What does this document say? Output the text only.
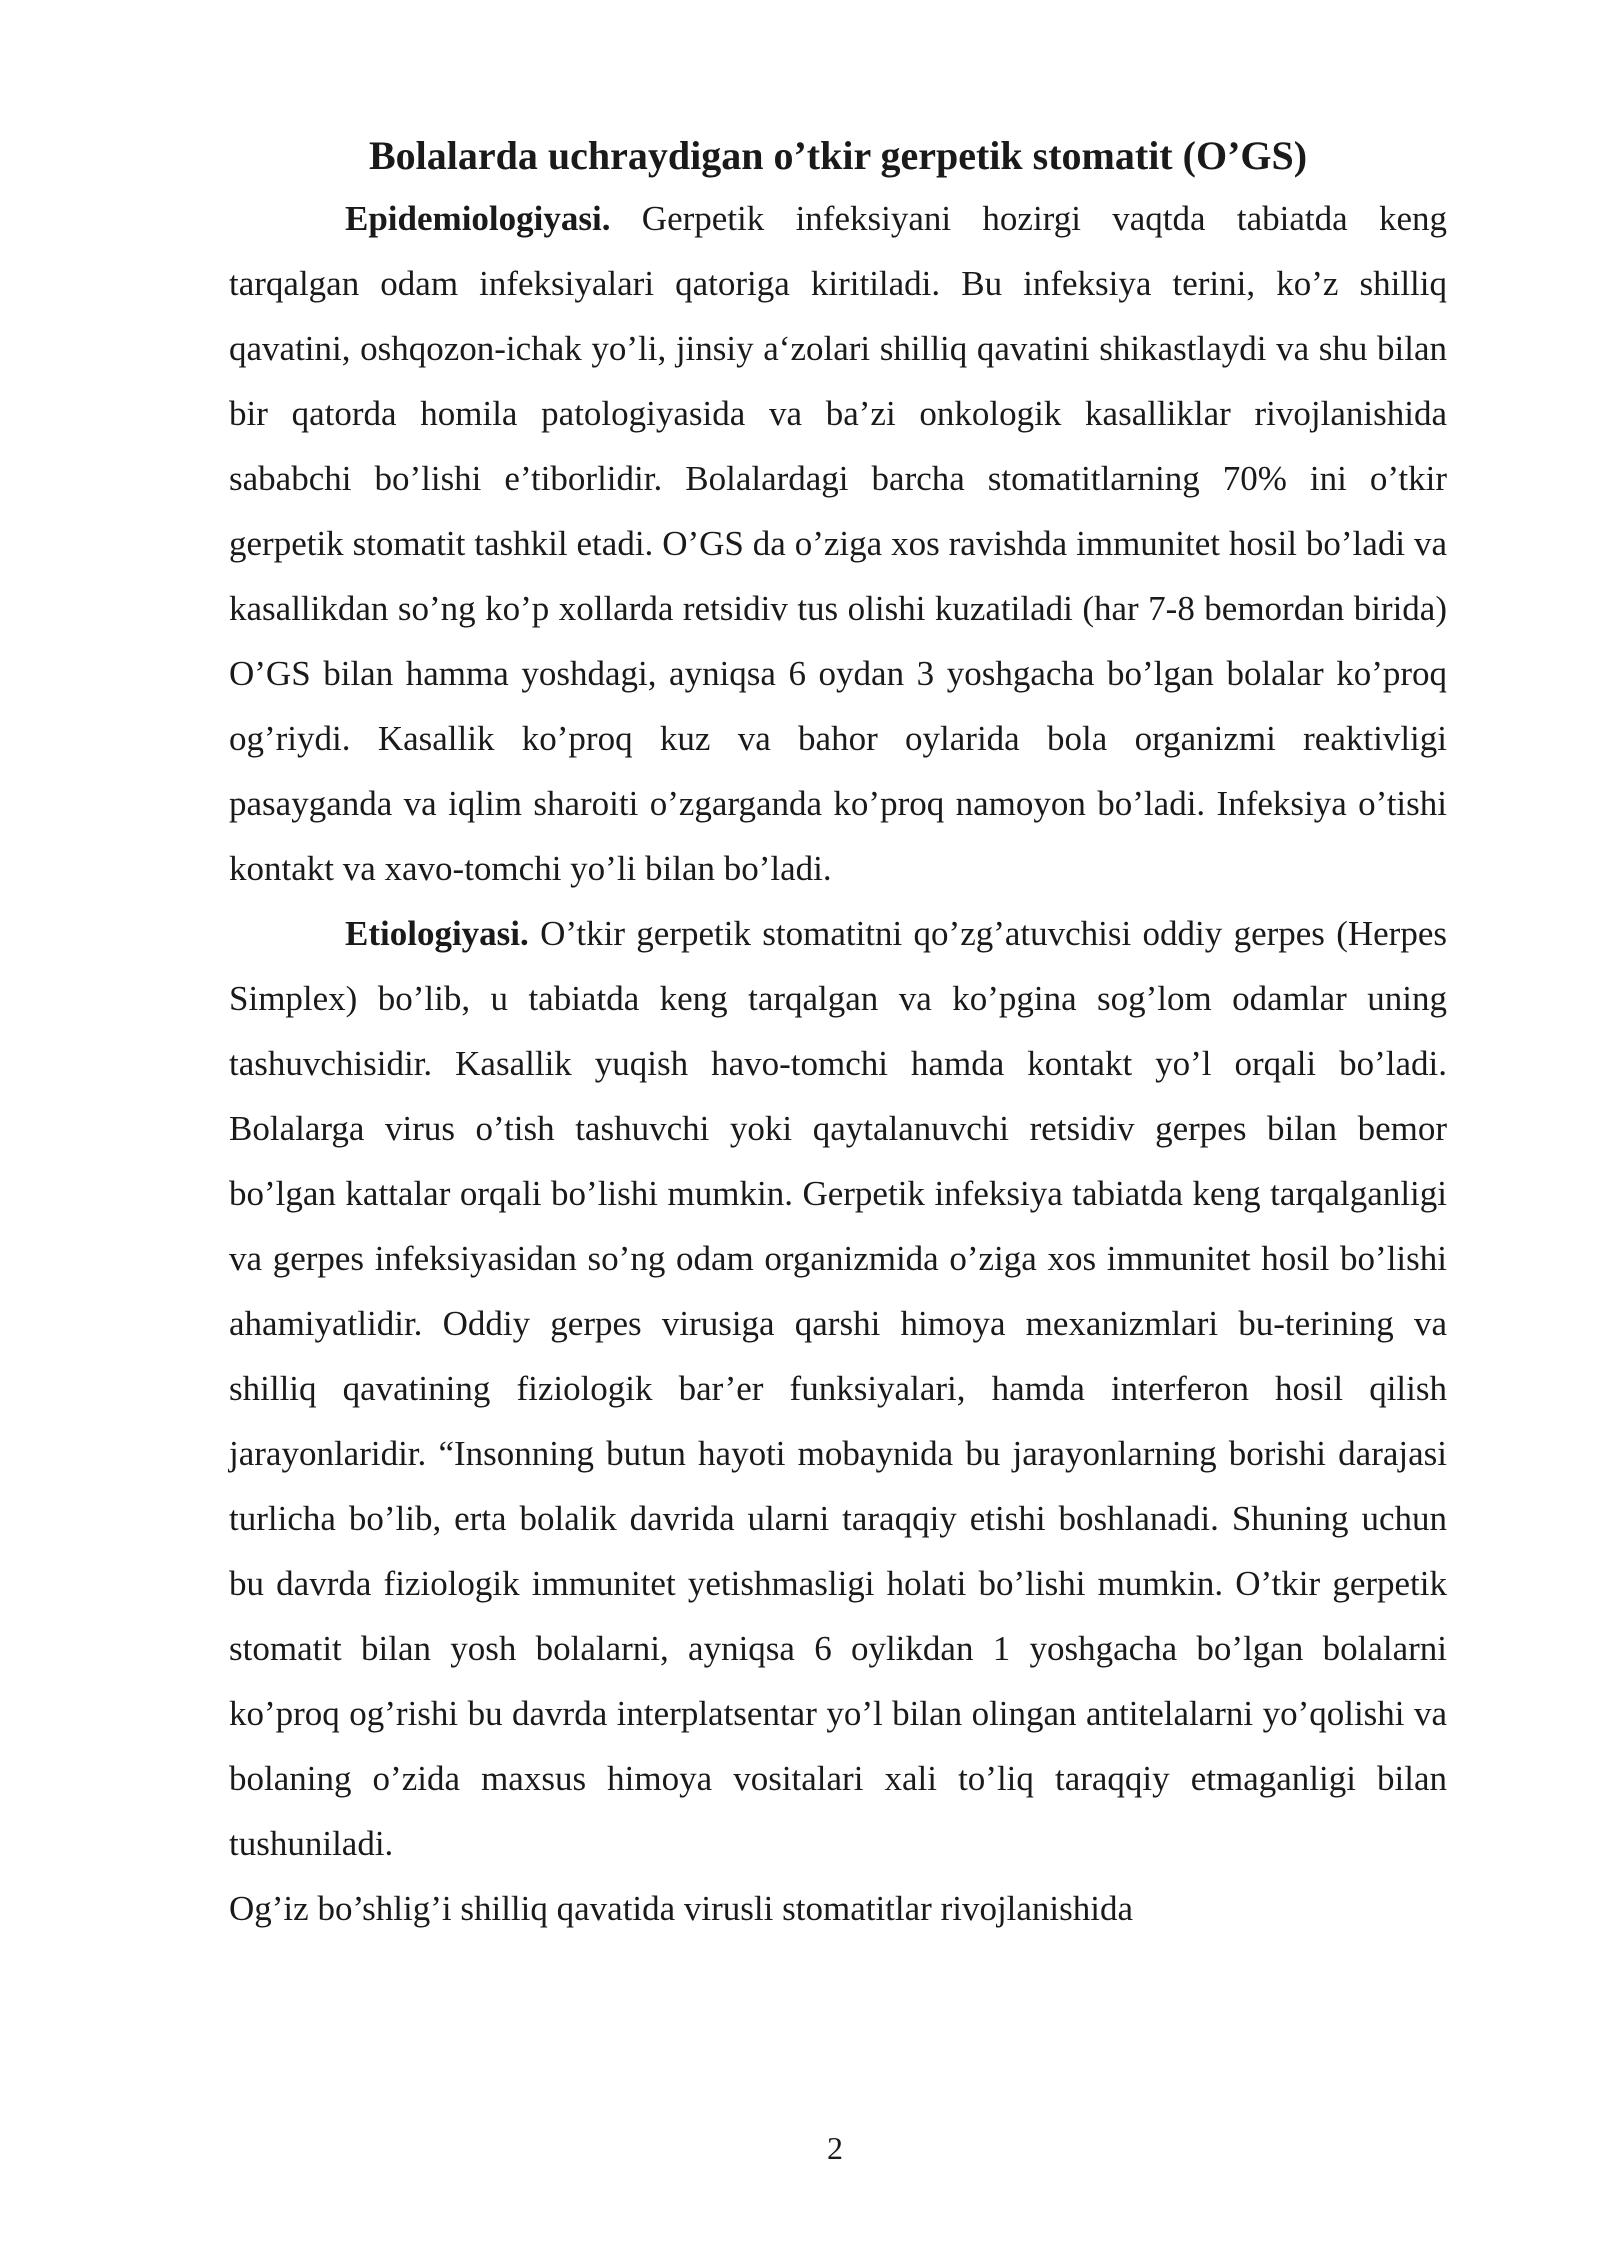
Bolalarda uchraydigan o’tkir gerpetik stomatit (O’GS)

Epidemiologiyasi. Gerpetik infeksiyani hozirgi vaqtda tabiatda keng tarqalgan odam infeksiyalari qatoriga kiritiladi. Bu infeksiya terini, ko’z shilliq qavatini, oshqozon-ichak yo’li, jinsiy aʻzolari shilliq qavatini shikastlaydi va shu bilan bir qatorda homila patologiyasida va ba’zi onkologik kasalliklar rivojlanishida sababchi bo’lishi e’tiborlidir. Bolalardagi barcha stomatitlarning 70% ini o’tkir gerpetik stomatit tashkil etadi. O’GS da o’ziga xos ravishda immunitet hosil bo’ladi va kasallikdan so’ng ko’p xollarda retsidiv tus olishi kuzatiladi (har 7-8 bemordan birida) O’GS bilan hamma yoshdagi, ayniqsa 6 oydan 3 yoshgacha bo’lgan bolalar ko’proq og’riydi. Kasallik ko’proq kuz va bahor oylarida bola organizmi reaktivligi pasayganda va iqlim sharoiti o’zgarganda ko’proq namoyon bo’ladi. Infeksiya o’tishi kontakt va xavo-tomchi yo’li bilan bo’ladi.

Etiologiyasi. O’tkir gerpetik stomatitni qo’zg’atuvchisi oddiy gerpes (Herpes Simplex) bo’lib, u tabiatda keng tarqalgan va ko’pgina sog’lom odamlar uning tashuvchisidir. Kasallik yuqish havo-tomchi hamda kontakt yo’l orqali bo’ladi. Bolalarga virus o’tish tashuvchi yoki qaytalanuvchi retsidiv gerpes bilan bemor bo’lgan kattalar orqali bo’lishi mumkin. Gerpetik infeksiya tabiatda keng tarqalganligi va gerpes infeksiyasidan so’ng odam organizmida o’ziga xos immunitet hosil bo’lishi ahamiyatlidir. Oddiy gerpes virusiga qarshi himoya mexanizmlari bu-terining va shilliq qavatining fiziologik bar’er funksiyalari, hamda interferon hosil qilish jarayonlaridir. “Insonning butun hayoti mobaynida bu jarayonlarning borishi darajasi turlicha bo’lib, erta bolalik davrida ularni taraqqiy etishi boshlanadi. Shuning uchun bu davrda fiziologik immunitet yetishmasligi holati bo’lishi mumkin. O’tkir gerpetik stomatit bilan yosh bolalarni, ayniqsa 6 oylikdan 1 yoshgacha bo’lgan bolalarni ko’proq og’rishi bu davrda interplatsentar yo’l bilan olingan antitelalarni yo’qolishi va bolaning o’zida maxsus himoya vositalari xali to’liq taraqqiy etmaganligi bilan tushuniladi.

Og’iz bo’shlig’i shilliq qavatida virusli stomatitlar rivojlanishida

2
